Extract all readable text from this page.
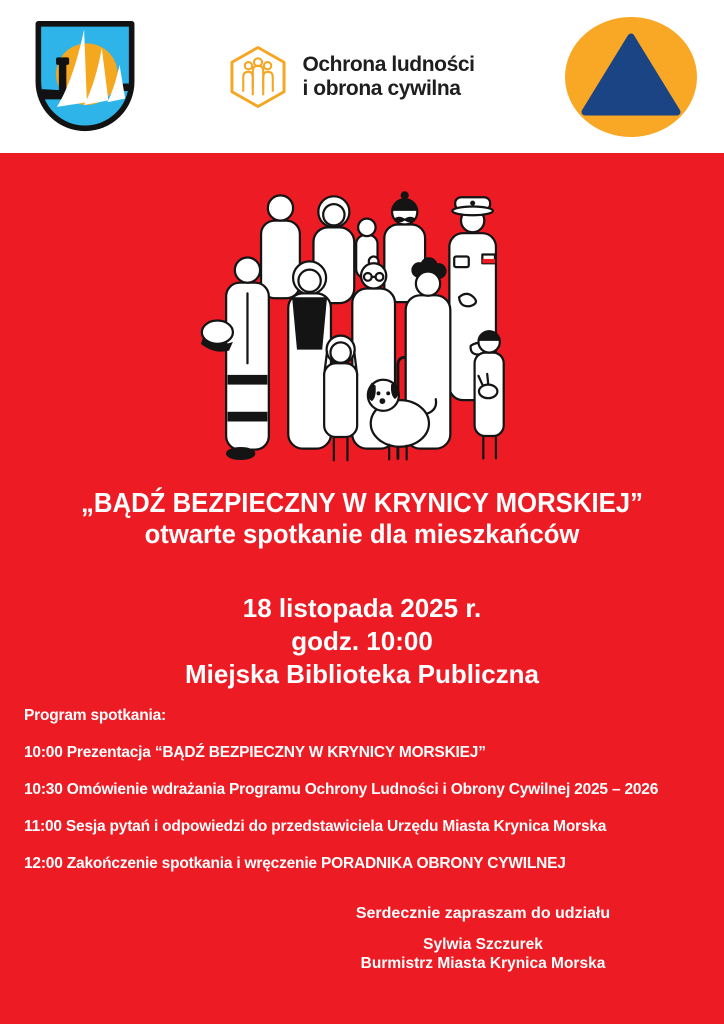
Ochrona ludności
i obrona cywilna
„BĄDŹ BEZPIECZNY W KRYNICY MORSKIEJ”
otwarte spotkanie dla mieszkańców
18 listopada 2025 r.
godz. 10:00
Miejska Biblioteka Publiczna
Program spotkania:
10:00 Prezentacja “BĄDŹ BEZPIECZNY W KRYNICY MORSKIEJ”
10:30 Omówienie wdrażania Programu Ochrony Ludności i Obrony Cywilnej 2025 – 2026
11:00 Sesja pytań i odpowiedzi do przedstawiciela Urzędu Miasta Krynica Morska
12:00 Zakończenie spotkania i wręczenie PORADNIKA OBRONY CYWILNEJ
Serdecznie zapraszam do udziału
Sylwia Szczurek
Burmistrz Miasta Krynica Morska
